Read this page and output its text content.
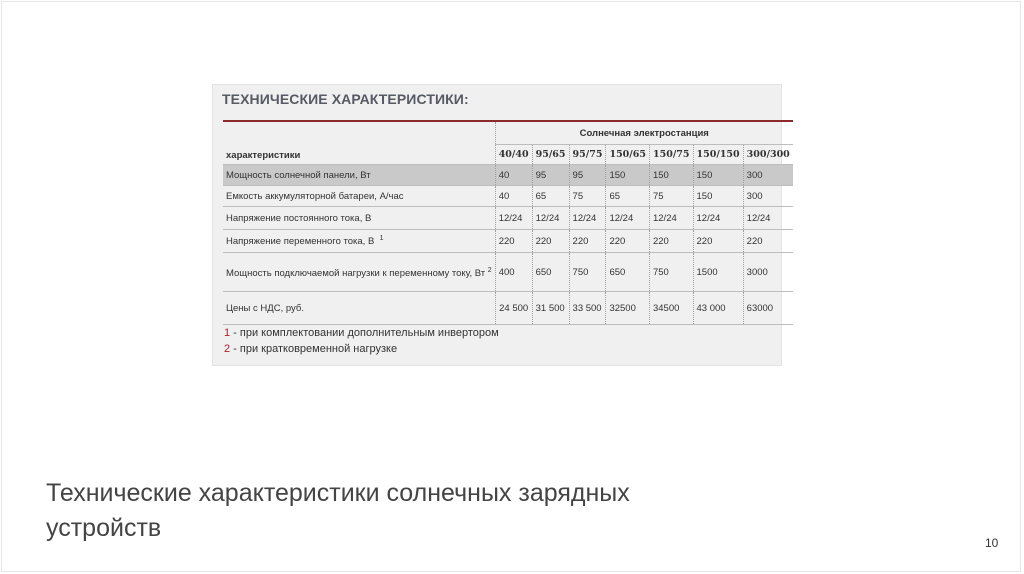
ТЕХНИЧЕСКИЕ ХАРАКТЕРИСТИКИ:
характеристики	Солнечная электростанция						
	40/40	95/65	95/75	150/65	150/75	150/150	300/300
Мощность солнечной панели, Вт	40	95	95	150	150	150	300
Емкость аккумуляторной батареи, А/час	40	65	75	65	75	150	300
Напряжение постоянного тока, В	12/24	12/24	12/24	12/24	12/24	12/24	12/24
Напряжение переменного тока, В $^1$	220	220	220	220	220	220	220
Мощность подключаемой нагрузки к переменному току, Вт $^2$	400	650	750	650	750	1500	3000
Цены с НДС, руб.	24 500	31 500	33 500	32500	34500	43 000	63000
1 - при комплектовании дополнительным инвертором
2 - при кратковременной нагрузке
Технические характеристики солнечных зарядных устройств
10
